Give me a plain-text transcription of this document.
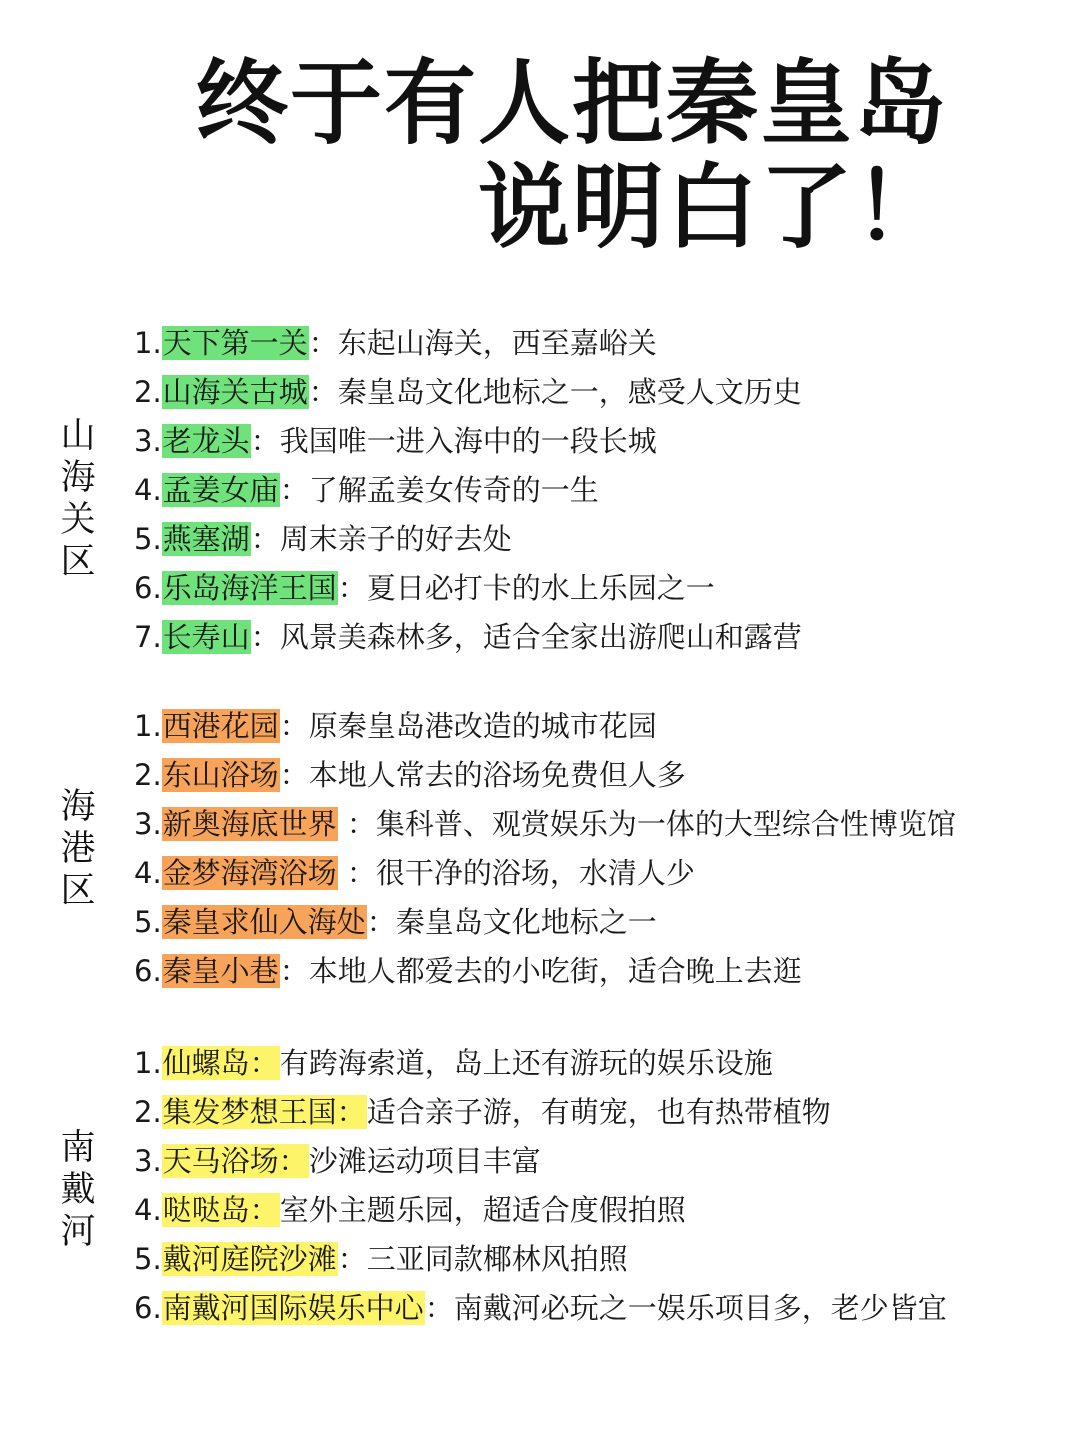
终于有人把秦皇岛
说明白了！
山海关区
1.天下第一关：东起山海关，西至嘉峪关
2.山海关古城：秦皇岛文化地标之一，感受人文历史
3.老龙头：我国唯一进入海中的一段长城
4.孟姜女庙：了解孟姜女传奇的一生
5.燕塞湖：周末亲子的好去处
6.乐岛海洋王国：夏日必打卡的水上乐园之一
7.长寿山：风景美森林多，适合全家出游爬山和露营
海港区
1.西港花园：原秦皇岛港改造的城市花园
2.东山浴场：本地人常去的浴场免费但人多
3.新奥海底世界 ：集科普、观赏娱乐为一体的大型综合性博览馆
4.金梦海湾浴场 ：很干净的浴场，水清人少
5.秦皇求仙入海处：秦皇岛文化地标之一
6.秦皇小巷：本地人都爱去的小吃街，适合晚上去逛
南戴河
1.仙螺岛：有跨海索道，岛上还有游玩的娱乐设施
2.集发梦想王国：适合亲子游，有萌宠，也有热带植物
3.天马浴场：沙滩运动项目丰富
4.哒哒岛：室外主题乐园，超适合度假拍照
5.戴河庭院沙滩：三亚同款椰林风拍照
6.南戴河国际娱乐中心：南戴河必玩之一娱乐项目多，老少皆宜
